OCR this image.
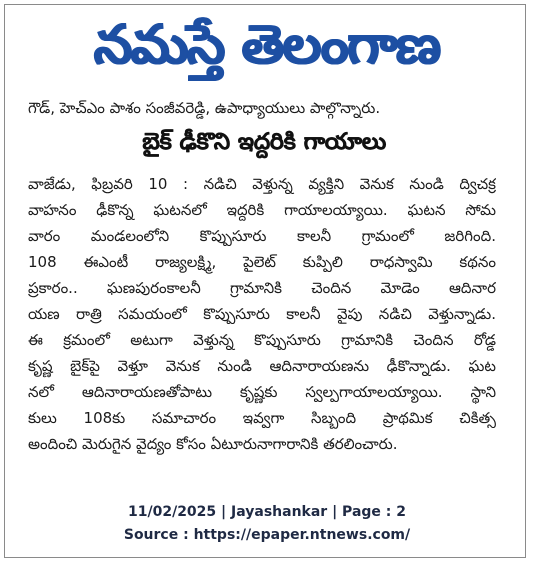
నమస్తే తెలంగాణ
గౌడ్, హెచ్ఎం పాశం సంజీవరెడ్డి, ఉపాధ్యాయులు పాల్గొన్నారు.
బైక్ ఢీకొని ఇద్దరికి గాయాలు
వాజేడు, ఫిబ్రవరి 10 : నడిచి వెళ్తున్న వ్యక్తిని వెనుక నుండి ద్విచక్ర
వాహనం ఢీకొన్న ఘటనలో ఇద్దరికి గాయాలయ్యాయి. ఘటన సోమ
వారం మండలంలోని కొప్పుసూరు కాలనీ గ్రామంలో జరిగింది.
108 ఈఎంటీ రాజ్యలక్ష్మి, పైలెట్ కుప్పిలి రాధస్వామి కథనం
ప్రకారం.. ఘణపురంకాలనీ గ్రామానికి చెందిన మోడెం ఆదినార
యణ రాత్రి సమయంలో కొప్పుసూరు కాలనీ వైపు నడిచి వెళ్తున్నాడు.
ఈ క్రమంలో అటుగా వెళ్తున్న కొప్పుసూరు గ్రామానికి చెందిన రోడ్డ
కృష్ణ బైక్‌పై వెళ్తూ వెనుక నుండి ఆదినారాయణను ఢీకొన్నాడు. ఘట
నలో ఆదినారాయణతోపాటు కృష్ణకు స్వల్పగాయాలయ్యాయి. స్థాని
కులు 108కు సమాచారం ఇవ్వగా సిబ్బంది ప్రాథమిక చికిత్స
అందించి మెరుగైన వైద్యం కోసం ఏటూరునాగారానికి తరలించారు.
11/02/2025 | Jayashankar | Page : 2
Source : https://epaper.ntnews.com/
